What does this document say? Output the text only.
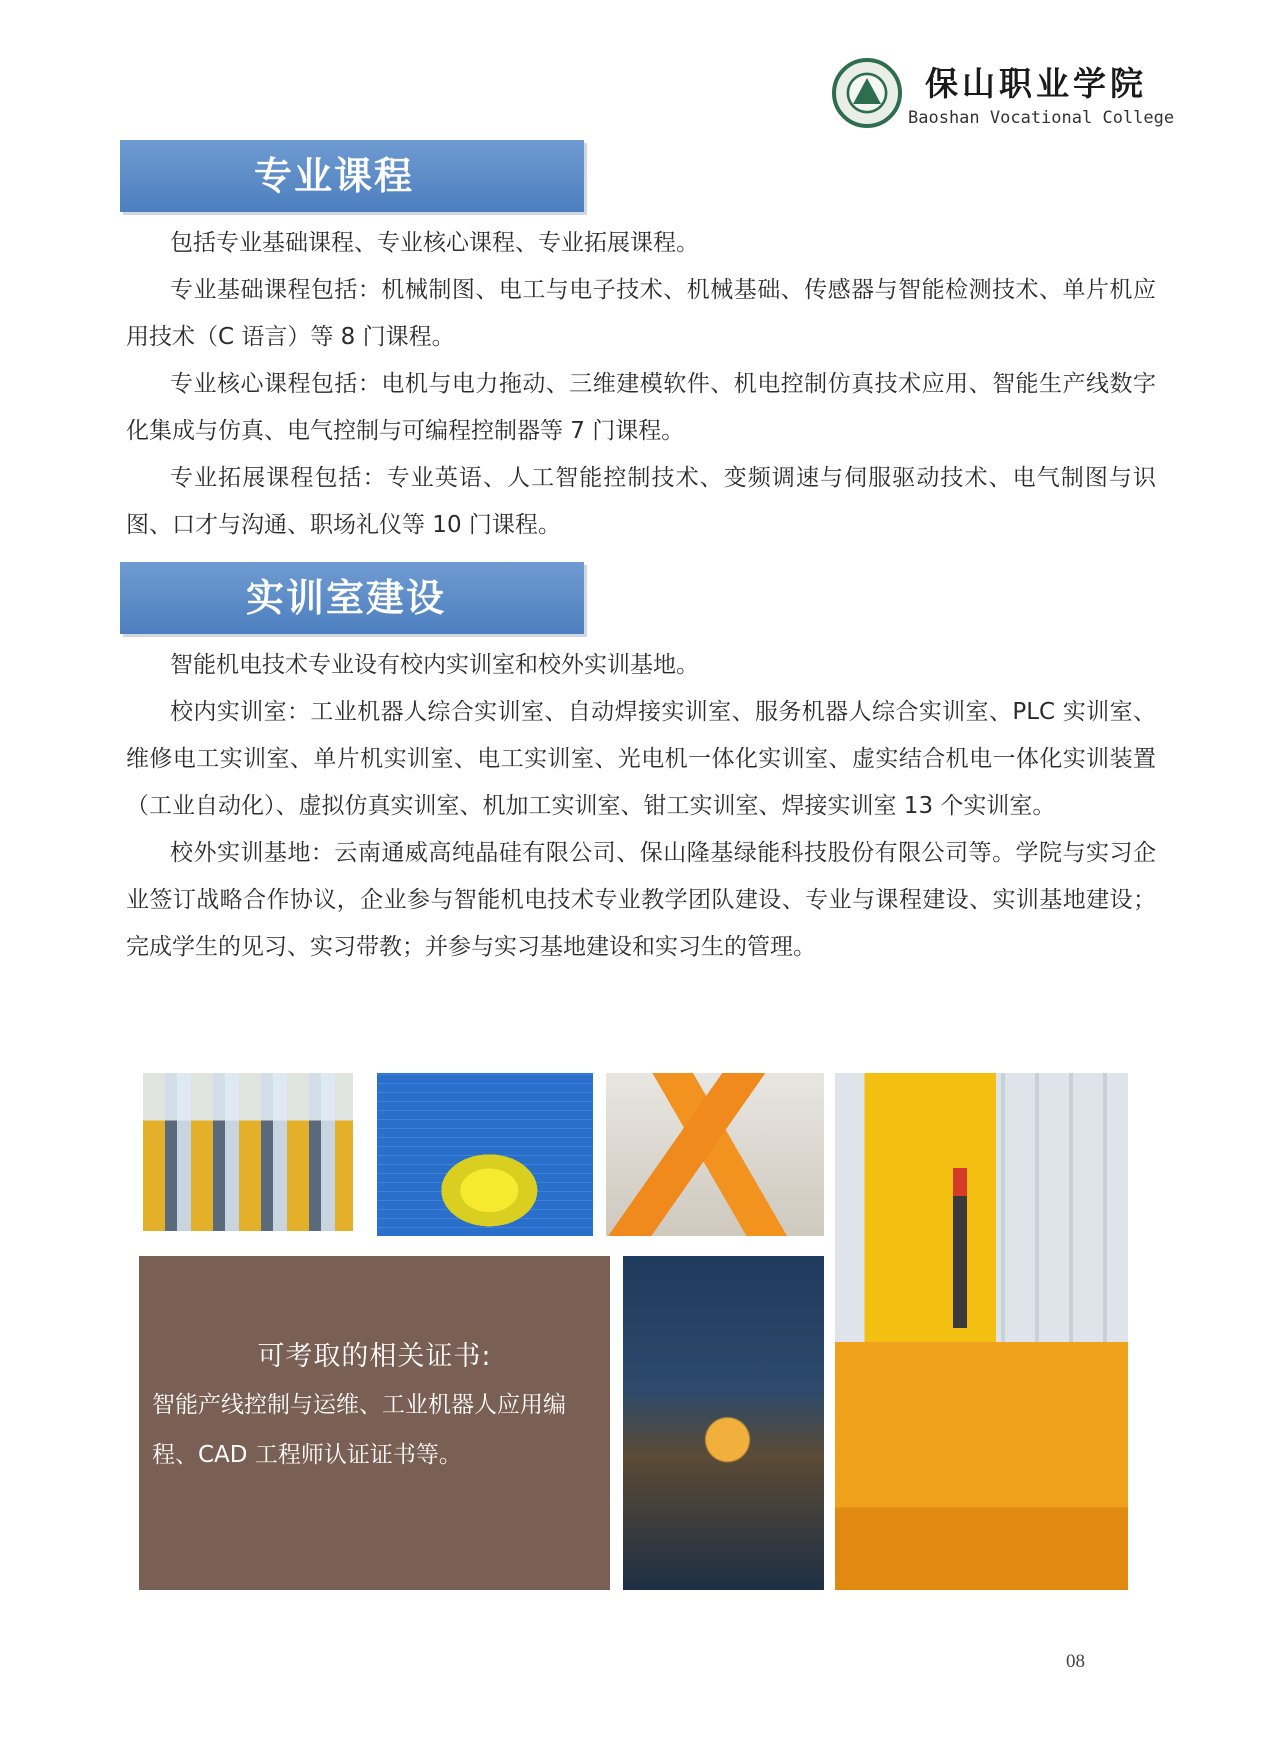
保山职业学院
Baoshan Vocational College
专业课程

包括专业基础课程、专业核心课程、专业拓展课程。

专业基础课程包括：机械制图、电工与电子技术、机械基础、传感器与智能检测技术、单片机应用技术（C 语言）等 8 门课程。

专业核心课程包括：电机与电力拖动、三维建模软件、机电控制仿真技术应用、智能生产线数字化集成与仿真、电气控制与可编程控制器等 7 门课程。

专业拓展课程包括：专业英语、人工智能控制技术、变频调速与伺服驱动技术、电气制图与识图、口才与沟通、职场礼仪等 10 门课程。

实训室建设

智能机电技术专业设有校内实训室和校外实训基地。

校内实训室：工业机器人综合实训室、自动焊接实训室、服务机器人综合实训室、PLC 实训室、维修电工实训室、单片机实训室、电工实训室、光电机一体化实训室、虚实结合机电一体化实训装置（工业自动化）、虚拟仿真实训室、机加工实训室、钳工实训室、焊接实训室 13 个实训室。

校外实训基地：云南通威高纯晶硅有限公司、保山隆基绿能科技股份有限公司等。学院与实习企业签订战略合作协议，企业参与智能机电技术专业教学团队建设、专业与课程建设、实训基地建设；完成学生的见习、实习带教；并参与实习基地建设和实习生的管理。

可考取的相关证书:
智能产线控制与运维、工业机器人应用编程、CAD 工程师认证证书等。
08
